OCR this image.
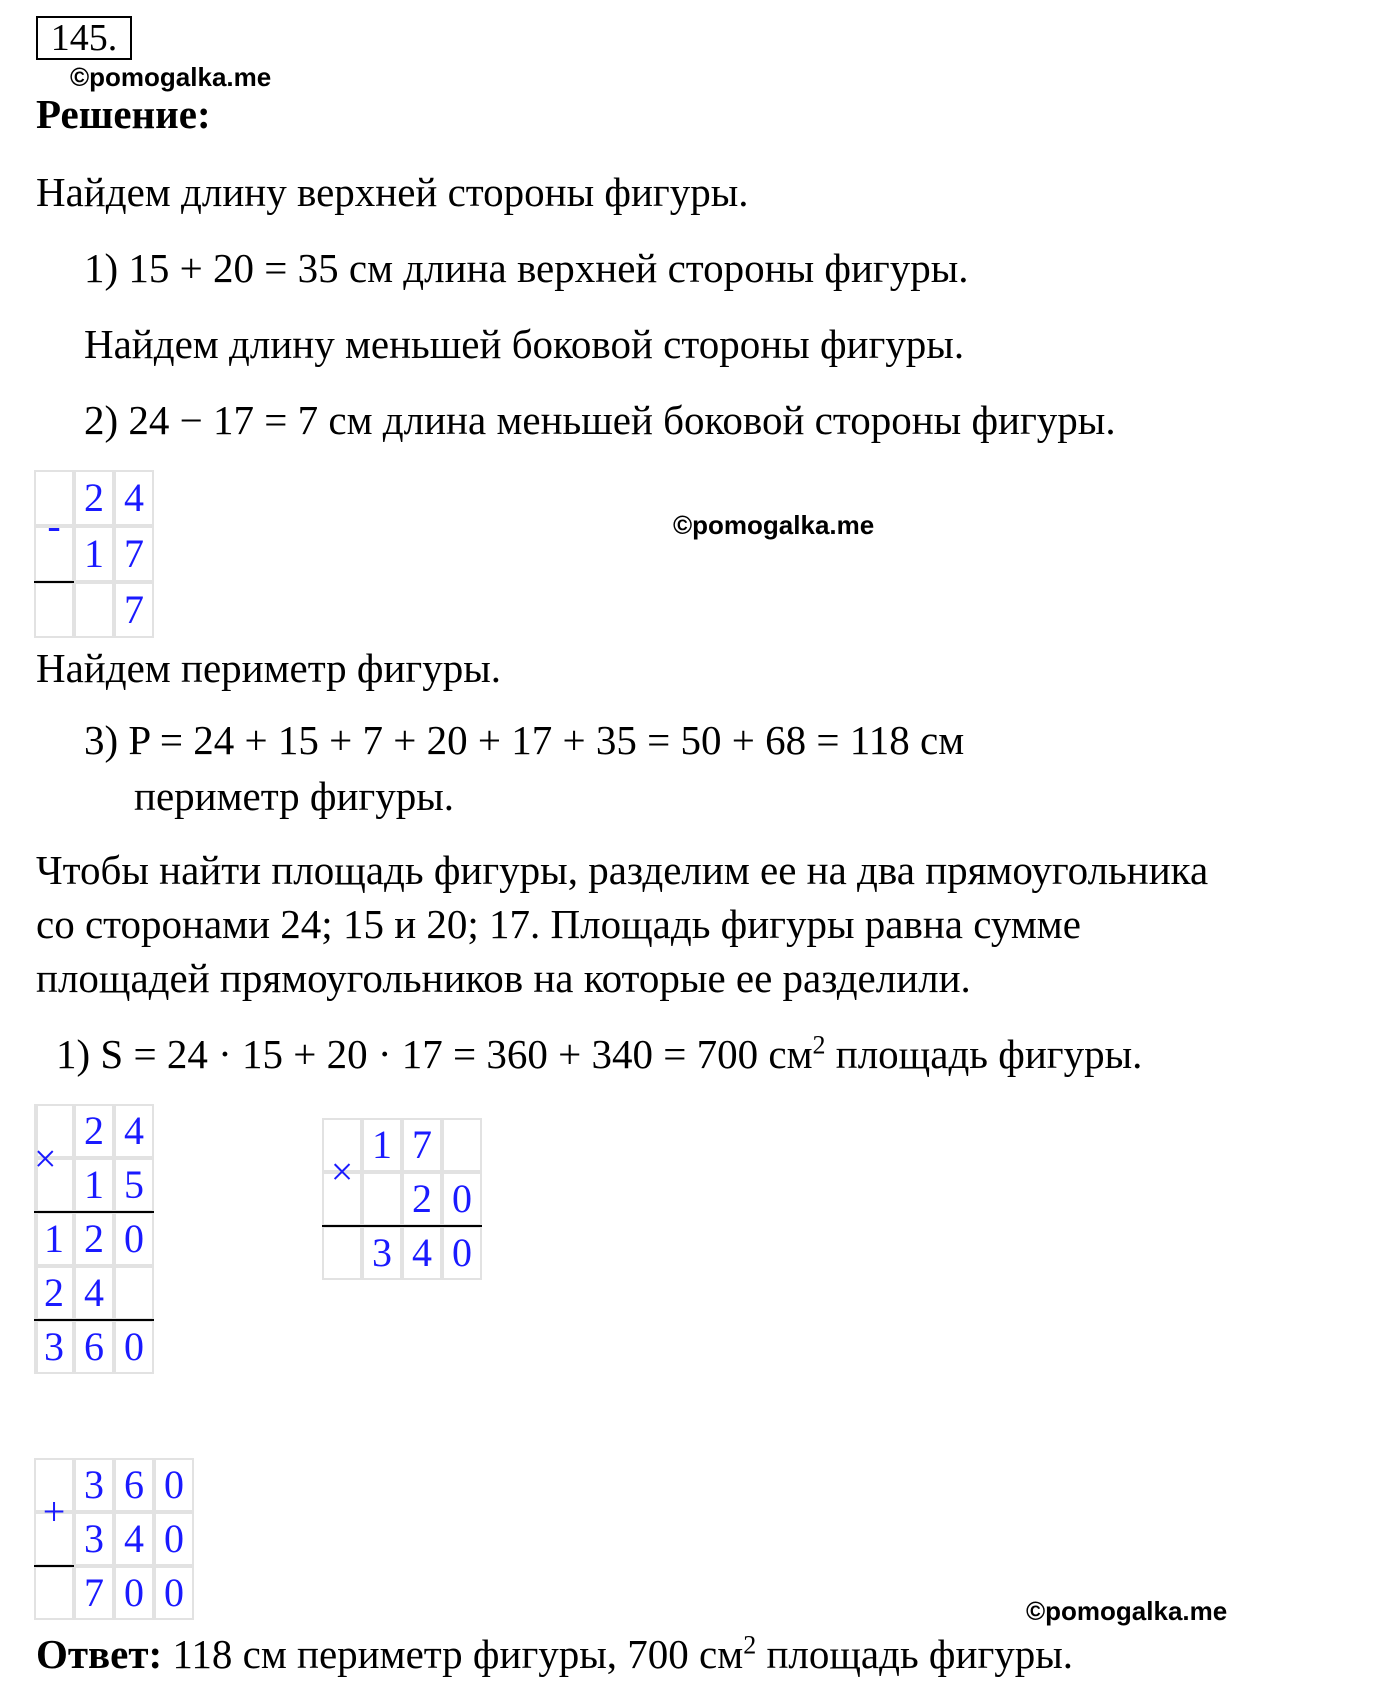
145.
©pomogalka.me
Решение:
Найдем длину верхней стороны фигуры.
1) 15 + 20 = 35 см длина верхней стороны фигуры.
Найдем длину меньшей боковой стороны фигуры.
2) 24 − 17 = 7 см длина меньшей боковой стороны фигуры.
2 4
1 7
7
-	©pomogalka.me
Найдем периметр фигуры.
3) P = 24 + 15 + 7 + 20 + 17 + 35 = 50 + 68 = 118 см
периметр фигуры.
Чтобы найти площадь фигуры, разделим ее на два прямоугольника
со сторонами 24; 15 и 20; 17. Площадь фигуры равна сумме
площадей прямоугольников на которые ее разделили.
1) S = 24 · 15 + 20 · 17 = 360 + 340 = 700 $см^2$ площадь фигуры.
2 4
1 5
1 2 0
2 4
3 6 0
×	1 7
2 0
3 4 0
×
3 6 0
3 4 0
7 0 0
+
©pomogalka.me
Ответ: 118 см периметр фигуры, 700 $см^2$ площадь фигуры.
